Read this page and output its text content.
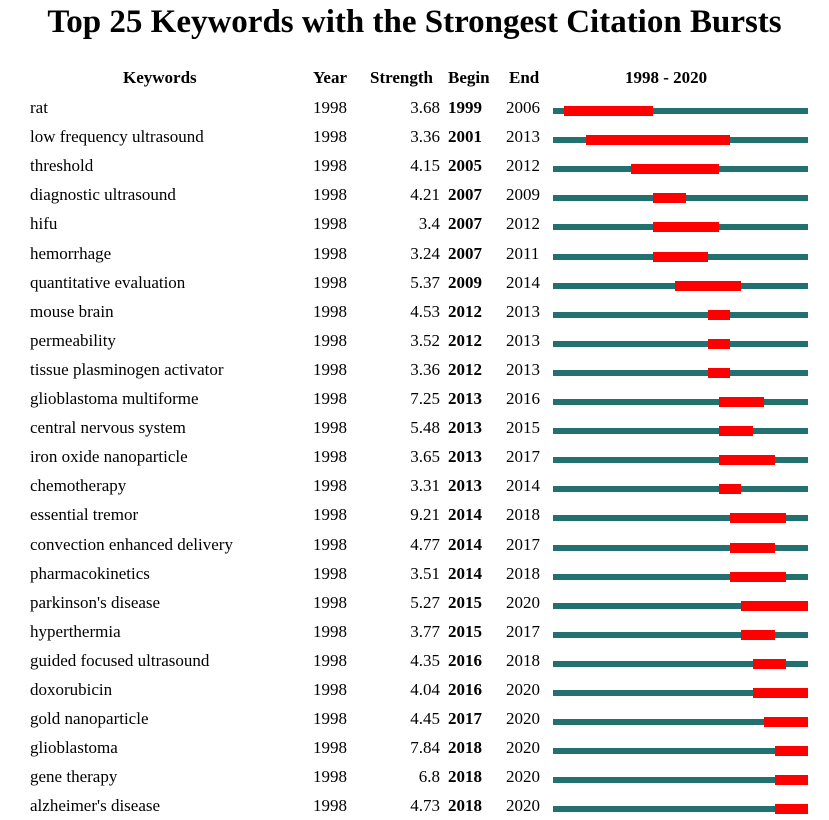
Top 25 Keywords with the Strongest Citation Bursts
Keywords	Year Strength Begin End	1998 - 2020
rat	1998	3.68 1999 2006
low frequency ultrasound	1998	3.36 2001 2013
threshold	1998	4.15 2005 2012
diagnostic ultrasound	1998	4.21 2007 2009
hifu	1998	3.4 2007 2012
hemorrhage	1998	3.24 2007 2011
quantitative evaluation	1998	5.37 2009 2014
mouse brain	1998	4.53 2012 2013
permeability	1998	3.52 2012 2013
tissue plasminogen activator	1998	3.36 2012 2013
glioblastoma multiforme	1998	7.25 2013 2016
central nervous system	1998	5.48 2013 2015
iron oxide nanoparticle	1998	3.65 2013 2017
chemotherapy	1998	3.31 2013 2014
essential tremor	1998	9.21 2014 2018
convection enhanced delivery	1998	4.77 2014 2017
pharmacokinetics	1998	3.51 2014 2018
parkinson's disease	1998	5.27 2015 2020
hyperthermia	1998	3.77 2015 2017
guided focused ultrasound	1998	4.35 2016 2018
doxorubicin	1998	4.04 2016 2020
gold nanoparticle	1998	4.45 2017 2020
glioblastoma	1998	7.84 2018 2020
gene therapy	1998	6.8 2018 2020
alzheimer's disease	1998	4.73 2018 2020
